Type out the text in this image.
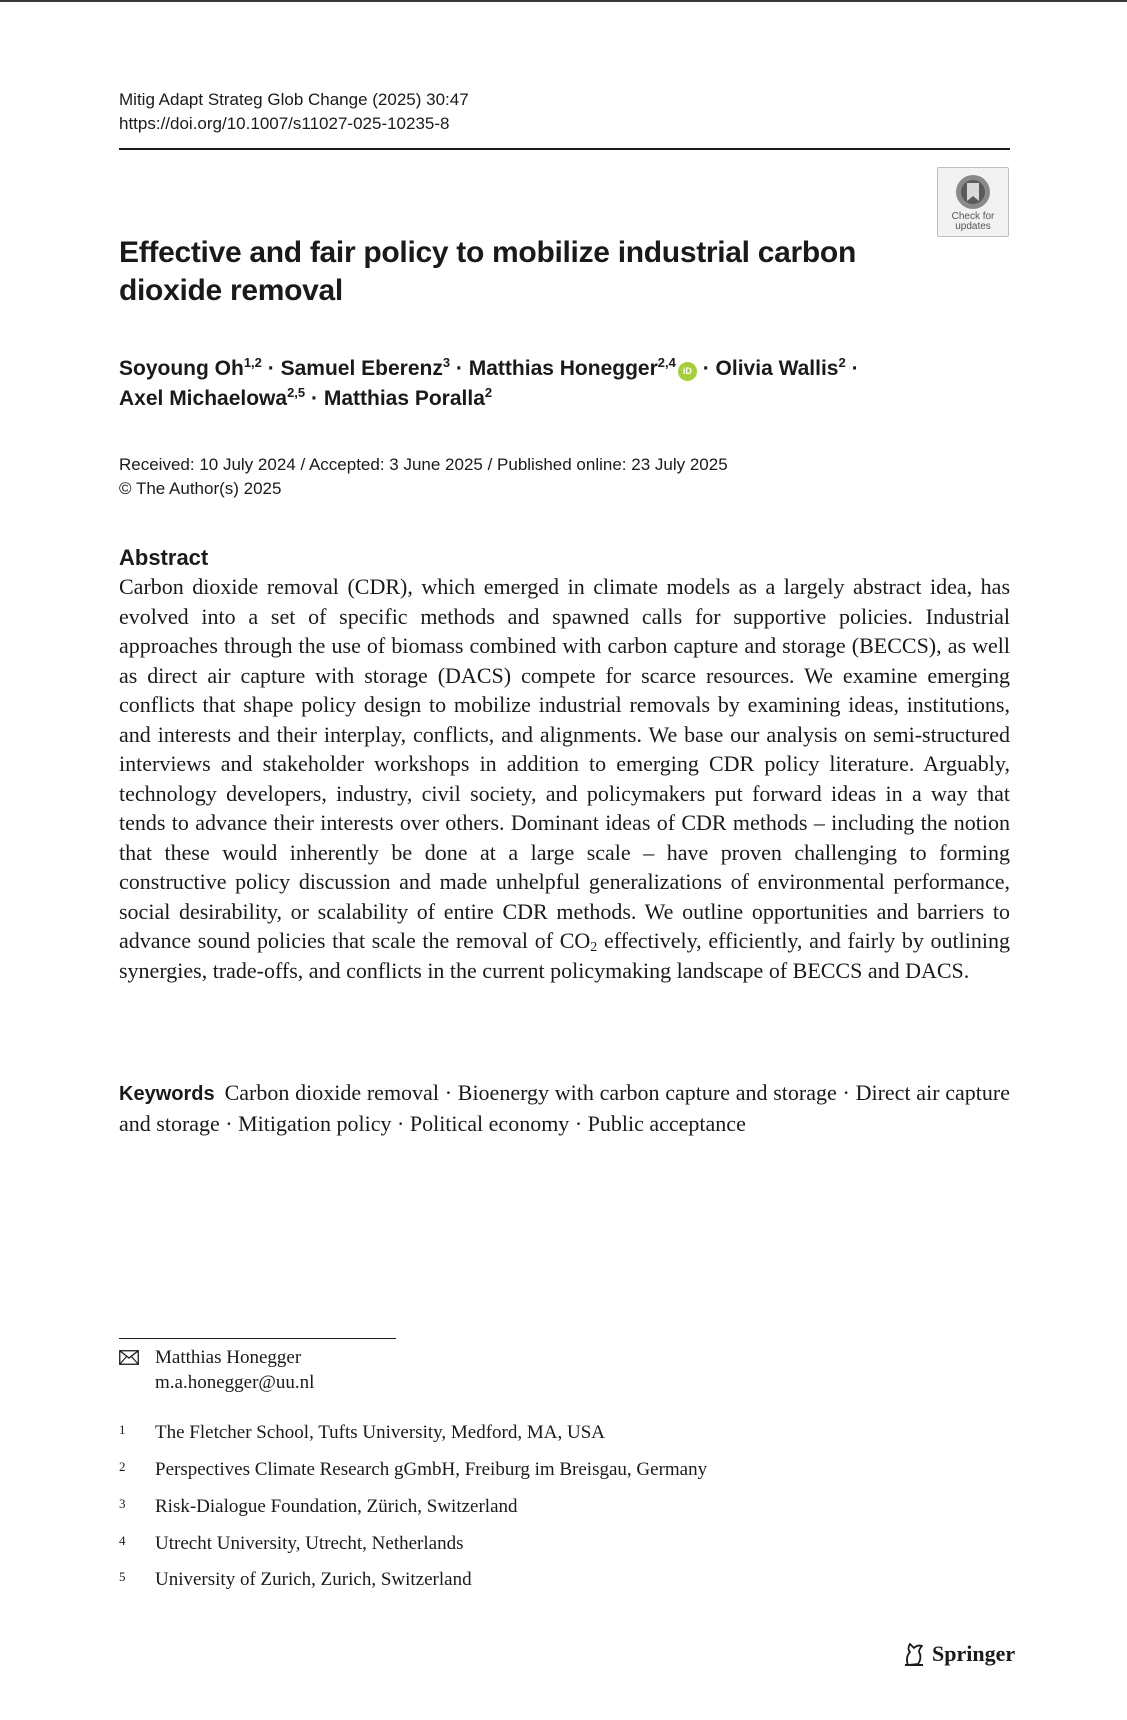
Mitig Adapt Strateg Glob Change (2025) 30:47
https://doi.org/10.1007/s11027-025-10235-8
Check for
updates
Effective and fair policy to mobilize industrial carbon dioxide removal
Soyoung Oh$^{1,2}$ · Samuel Eberenz$^3$ · Matthias Honegger$^{2,4}$iD · Olivia Wallis$^2$ ·
Axel Michaelowa$^{2,5}$ · Matthias Poralla$^2$
Received: 10 July 2024 / Accepted: 3 June 2025 / Published online: 23 July 2025
© The Author(s) 2025
Abstract
Carbon dioxide removal (CDR), which emerged in climate models as a largely abstract idea, has evolved into a set of specific methods and spawned calls for supportive policies. Industrial approaches through the use of biomass combined with carbon capture and storage (BECCS), as well as direct air capture with storage (DACS) compete for scarce resources. We examine emerging conflicts that shape policy design to mobilize industrial removals by examining ideas, institutions, and interests and their interplay, conflicts, and alignments. We base our analysis on semi-structured interviews and stakeholder workshops in addition to emerging CDR policy literature. Arguably, technology developers, industry, civil society, and policymakers put forward ideas in a way that tends to advance their interests over others. Dominant ideas of CDR methods – including the notion that these would inherently be done at a large scale – have proven challenging to forming constructive policy discussion and made unhelpful generalizations of environmental performance, social desirability, or scalability of entire CDR methods. We outline opportunities and barriers to advance sound policies that scale the removal of $CO_2$ effectively, efficiently, and fairly by outlining synergies, trade-offs, and conflicts in the current policymaking landscape of BECCS and DACS.
Keywords Carbon dioxide removal · Bioenergy with carbon capture and storage · Direct air capture and storage · Mitigation policy · Political economy · Public acceptance
Matthias Honegger
m.a.honegger@uu.nl
1 The Fletcher School, Tufts University, Medford, MA, USA
2 Perspectives Climate Research gGmbH, Freiburg im Breisgau, Germany
3 Risk-Dialogue Foundation, Zürich, Switzerland
4 Utrecht University, Utrecht, Netherlands
5 University of Zurich, Zurich, Switzerland
Springer
